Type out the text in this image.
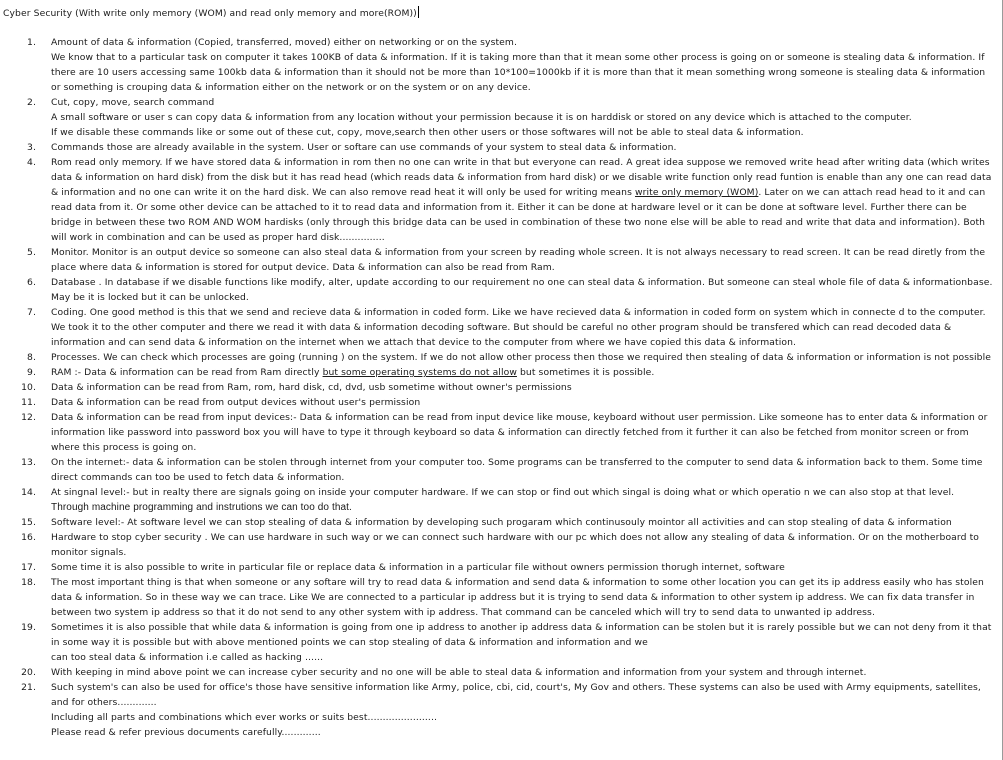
Cyber Security (With write only memory (WOM) and read only memory and more(ROM))
1. Amount of data & information (Copied, transferred, moved) either on networking or on the system.
We know that to a particular task on computer it takes 100KB of data & information. If it is taking more than that it mean some other process is going on or someone is stealing data & information. If there are 10 users accessing same 100kb data & information than it should not be more than 10*100=1000kb if it is more than that it mean something wrong someone is stealing data & information or something is crouping data & information either on the network or on the system or on any device.
2. Cut, copy, move, search command
A small software or user s can copy data & information from any location without your permission because it is on harddisk or stored on any device which is attached to the computer.
If we disable these commands like or some out of these cut, copy, move,search then other users or those softwares will not be able to steal data & information.
3. Commands those are already available in the system. User or softare can use commands of your system to steal data & information.
4. Rom read only memory. If we have stored data & information in rom then no one can write in that but everyone can read. A great idea suppose we removed write head after writing data (which writes data & information on hard disk) from the disk but it has read head (which reads data & information from hard disk) or we disable write function only read funtion is enable than any one can read data & information and no one can write it on the hard disk. We can also remove read heat it will only be used for writing means write only memory (WOM). Later on we can attach read head to it and can read data from it. Or some other device can be attached to it to read data and information from it. Either it can be done at hardware level or it can be done at software level. Further there can be bridge in between these two ROM AND WOM hardisks (only through this bridge data can be used in combination of these two none else will be able to read and write that data and information). Both will work in combination and can be used as proper hard disk...............
5. Monitor. Monitor is an output device so someone can also steal data & information from your screen by reading whole screen. It is not always necessary to read screen. It can be read diretly from the place where data & information is stored for output device. Data & information can also be read from Ram.
6. Database . In database if we disable functions like modify, alter, update according to our requirement no one can steal data & information. But someone can steal whole file of data & informationbase. May be it is locked but it can be unlocked.
7. Coding. One good method is this that we send and recieve data & information in coded form. Like we have recieved data & information in coded form on system which in connecte d to the computer. We took it to the other computer and there we read it with data & information decoding software. But should be careful no other program should be transfered which can read decoded data & information and can send data & information on the internet when we attach that device to the computer from where we have copied this data & information.
8. Processes. We can check which processes are going (running ) on the system. If we do not allow other process then those we required then stealing of data & information or information is not possible
9. RAM :- Data & information can be read from Ram directly but some operating systems do not allow but sometimes it is possible.
10. Data & information can be read from Ram, rom, hard disk, cd, dvd, usb sometime without owner's permissions
11. Data & information can be read from output devices without user's permission
12. Data & information can be read from input devices:- Data & information can be read from input device like mouse, keyboard without user permission. Like someone has to enter data & information or information like password into password box you will have to type it through keyboard so data & information can directly fetched from it further it can also be fetched from monitor screen or from where this process is going on.
13. On the internet:- data & information can be stolen through internet from your computer too. Some programs can be transferred to the computer to send data & information back to them. Some time direct commands can too be used to fetch data & information.
14. At singnal level:- but in realty there are signals going on inside your computer hardware. If we can stop or find out which singal is doing what or which operatio n we can also stop at that level.
Through machine programming and instrutions we can too do that.
15. Software level:- At software level we can stop stealing of data & information by developing such progaram which continusouly mointor all activities and can stop stealing of data & information
16. Hardware to stop cyber security . We can use hardware in such way or we can connect such hardware with our pc which does not allow any stealing of data & information. Or on the motherboard to monitor signals.
17. Some time it is also possible to write in particular file or replace data & information in a particular file without owners permission thorugh internet, software
18. The most important thing is that when someone or any softare will try to read data & information and send data & information to some other location you can get its ip address easily who has stolen data & information. So in these way we can trace. Like We are connected to a particular ip address but it is trying to send data & information to other system ip address. We can fix data transfer in between two system ip address so that it do not send to any other system with ip address. That command can be canceled which will try to send data to unwanted ip address.
19. Sometimes it is also possible that while data & information is going from one ip address to another ip address data & information can be stolen but it is rarely possible but we can not deny from it that in some way it is possible but with above mentioned points we can stop stealing of data & information and information and we
can too steal data & information i.e called as hacking ......
20. With keeping in mind above point we can increase cyber security and no one will be able to steal data & information and information from your system and through internet.
21. Such system's can also be used for office's those have sensitive information like Army, police, cbi, cid, court's, My Gov and others. These systems can also be used with Army equipments, satellites, and for others.............
Including all parts and combinations which ever works or suits best.......................
Please read & refer previous documents carefully.............
